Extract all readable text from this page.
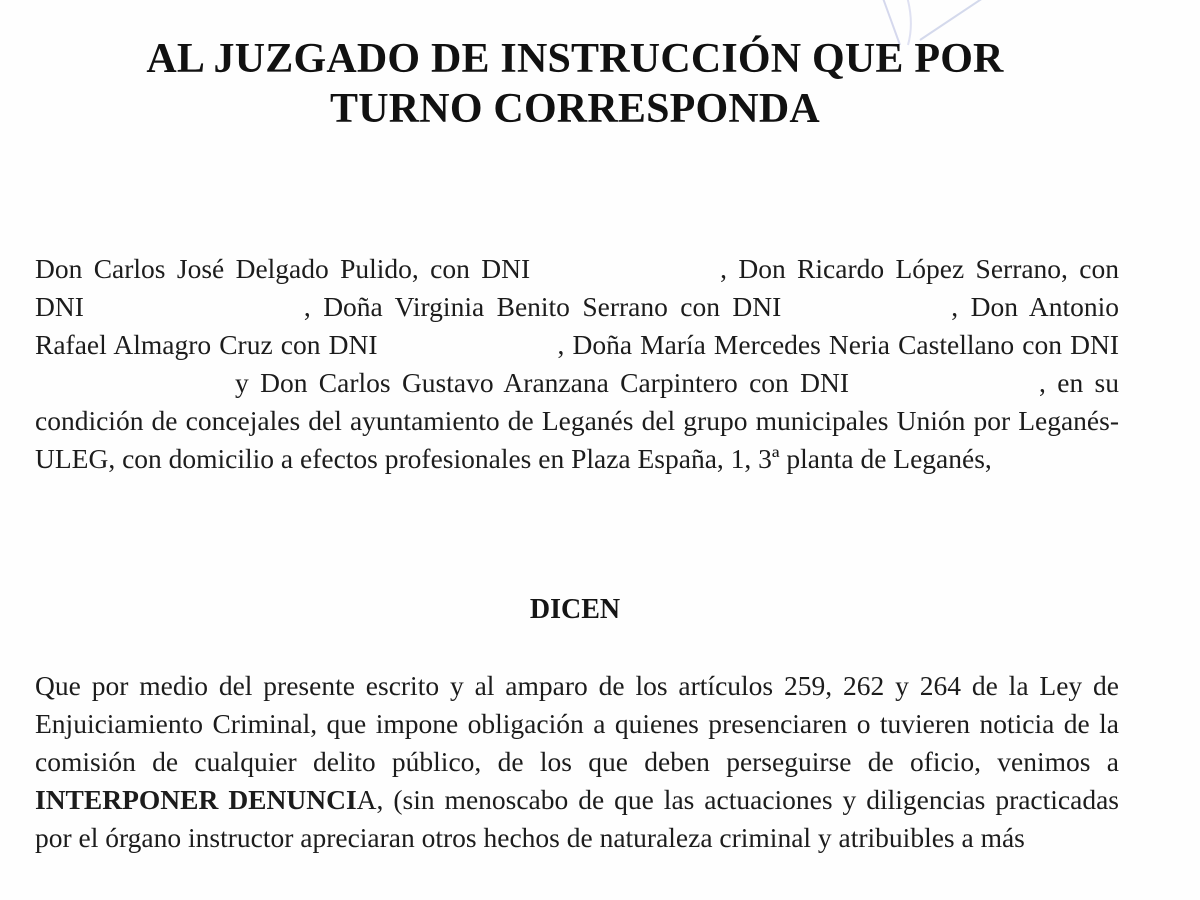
AL JUZGADO DE INSTRUCCIÓN QUE POR
TURNO CORRESPONDA

Don Carlos José Delgado Pulido, con DNI	, Don Ricardo López Serrano, con DNI	, Doña Virginia Benito Serrano con DNI	, Don Antonio Rafael Almagro Cruz con DNI	, Doña María Mercedes Neria Castellano con DNIy Don Carlos Gustavo Aranzana Carpintero con DNI	, en su condición de concejales del ayuntamiento de Leganés del grupo municipales Unión por Leganés-ULEG, con domicilio a efectos profesionales en Plaza España, 1, 3ª planta de Leganés,

DICEN

Que por medio del presente escrito y al amparo de los artículos 259, 262 y 264 de la Ley de Enjuiciamiento Criminal, que impone obligación a quienes presenciaren o tuvieren noticia de la comisión de cualquier delito público, de los que deben perseguirse de oficio, venimos a INTERPONER DENUNCIA, (sin menoscabo de que las actuaciones y diligencias practicadas por el órgano instructor apreciaran otros hechos de naturaleza criminal y atribuibles a más
